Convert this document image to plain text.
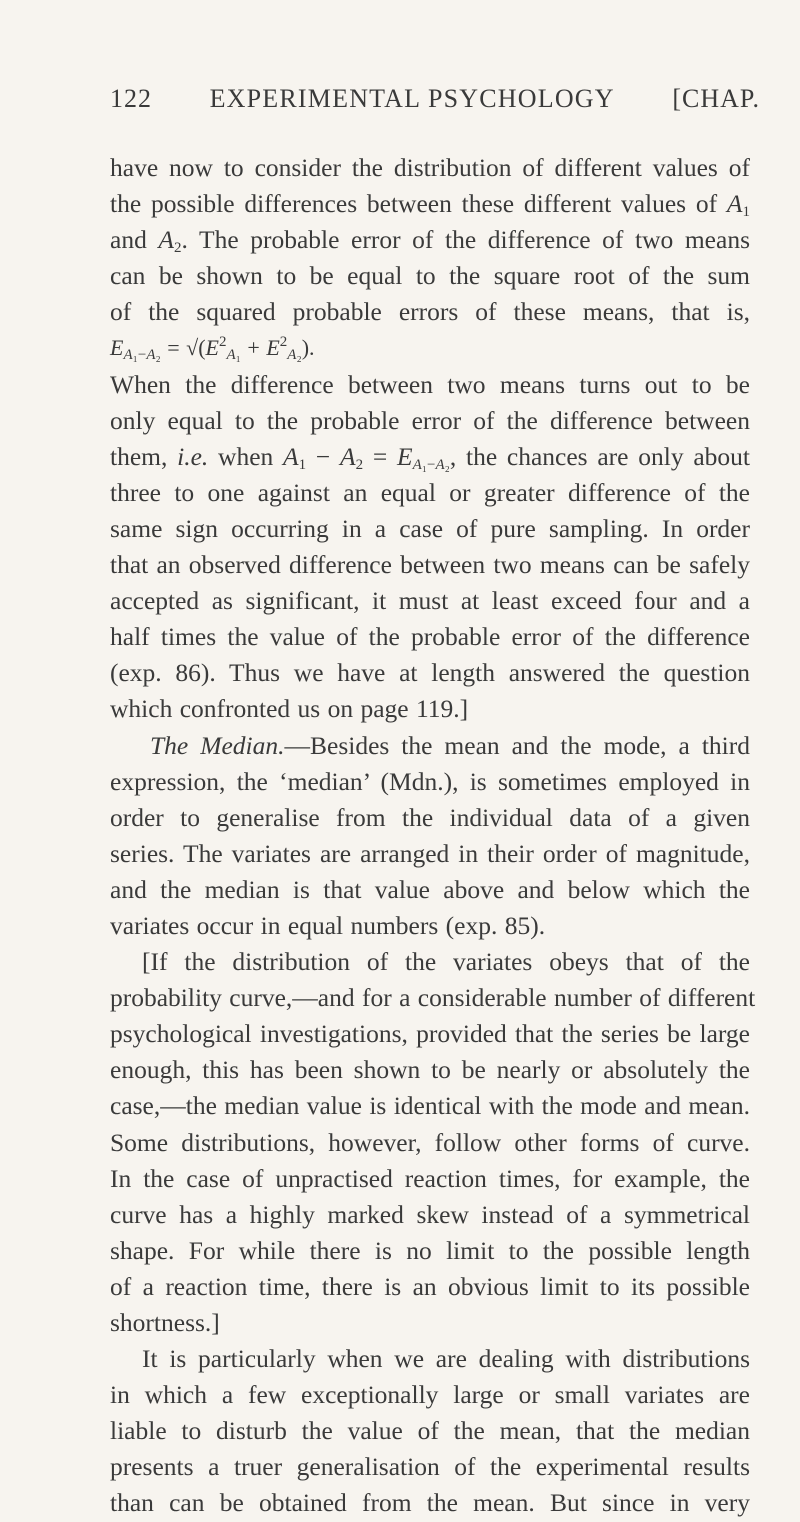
122 EXPERIMENTAL PSYCHOLOGY [CHAP.
have now to consider the distribution of different values of
the possible differences between these different values of $A_1$
and $A_2$. The probable error of the difference of two means
can be shown to be equal to the square root of the sum
of the squared probable errors of these means, that is,
$E_{A_1-A_2} = √(E^2_{A_1} + E^2_{A_2})$.
When the difference between two means turns out to be
only equal to the probable error of the difference between
them, i.e. when $A_1 - A_2 = E_{A_1-A_2}$, the chances are only about
three to one against an equal or greater difference of the
same sign occurring in a case of pure sampling. In order
that an observed difference between two means can be safely
accepted as significant, it must at least exceed four and a
half times the value of the probable error of the difference
(exp. 86). Thus we have at length answered the question
which confronted us on page 119.]
The Median.—Besides the mean and the mode, a third
expression, the ‘median’ (Mdn.), is sometimes employed in
order to generalise from the individual data of a given
series. The variates are arranged in their order of magnitude,
and the median is that value above and below which the
variates occur in equal numbers (exp. 85).
[If the distribution of the variates obeys that of the
probability curve,—and for a considerable number of different
psychological investigations, provided that the series be large
enough, this has been shown to be nearly or absolutely the
case,—the median value is identical with the mode and mean.
Some distributions, however, follow other forms of curve.
In the case of unpractised reaction times, for example, the
curve has a highly marked skew instead of a symmetrical
shape. For while there is no limit to the possible length
of a reaction time, there is an obvious limit to its possible
shortness.]
It is particularly when we are dealing with distributions
in which a few exceptionally large or small variates are
liable to disturb the value of the mean, that the median
presents a truer generalisation of the experimental results
than can be obtained from the mean. But since in very
